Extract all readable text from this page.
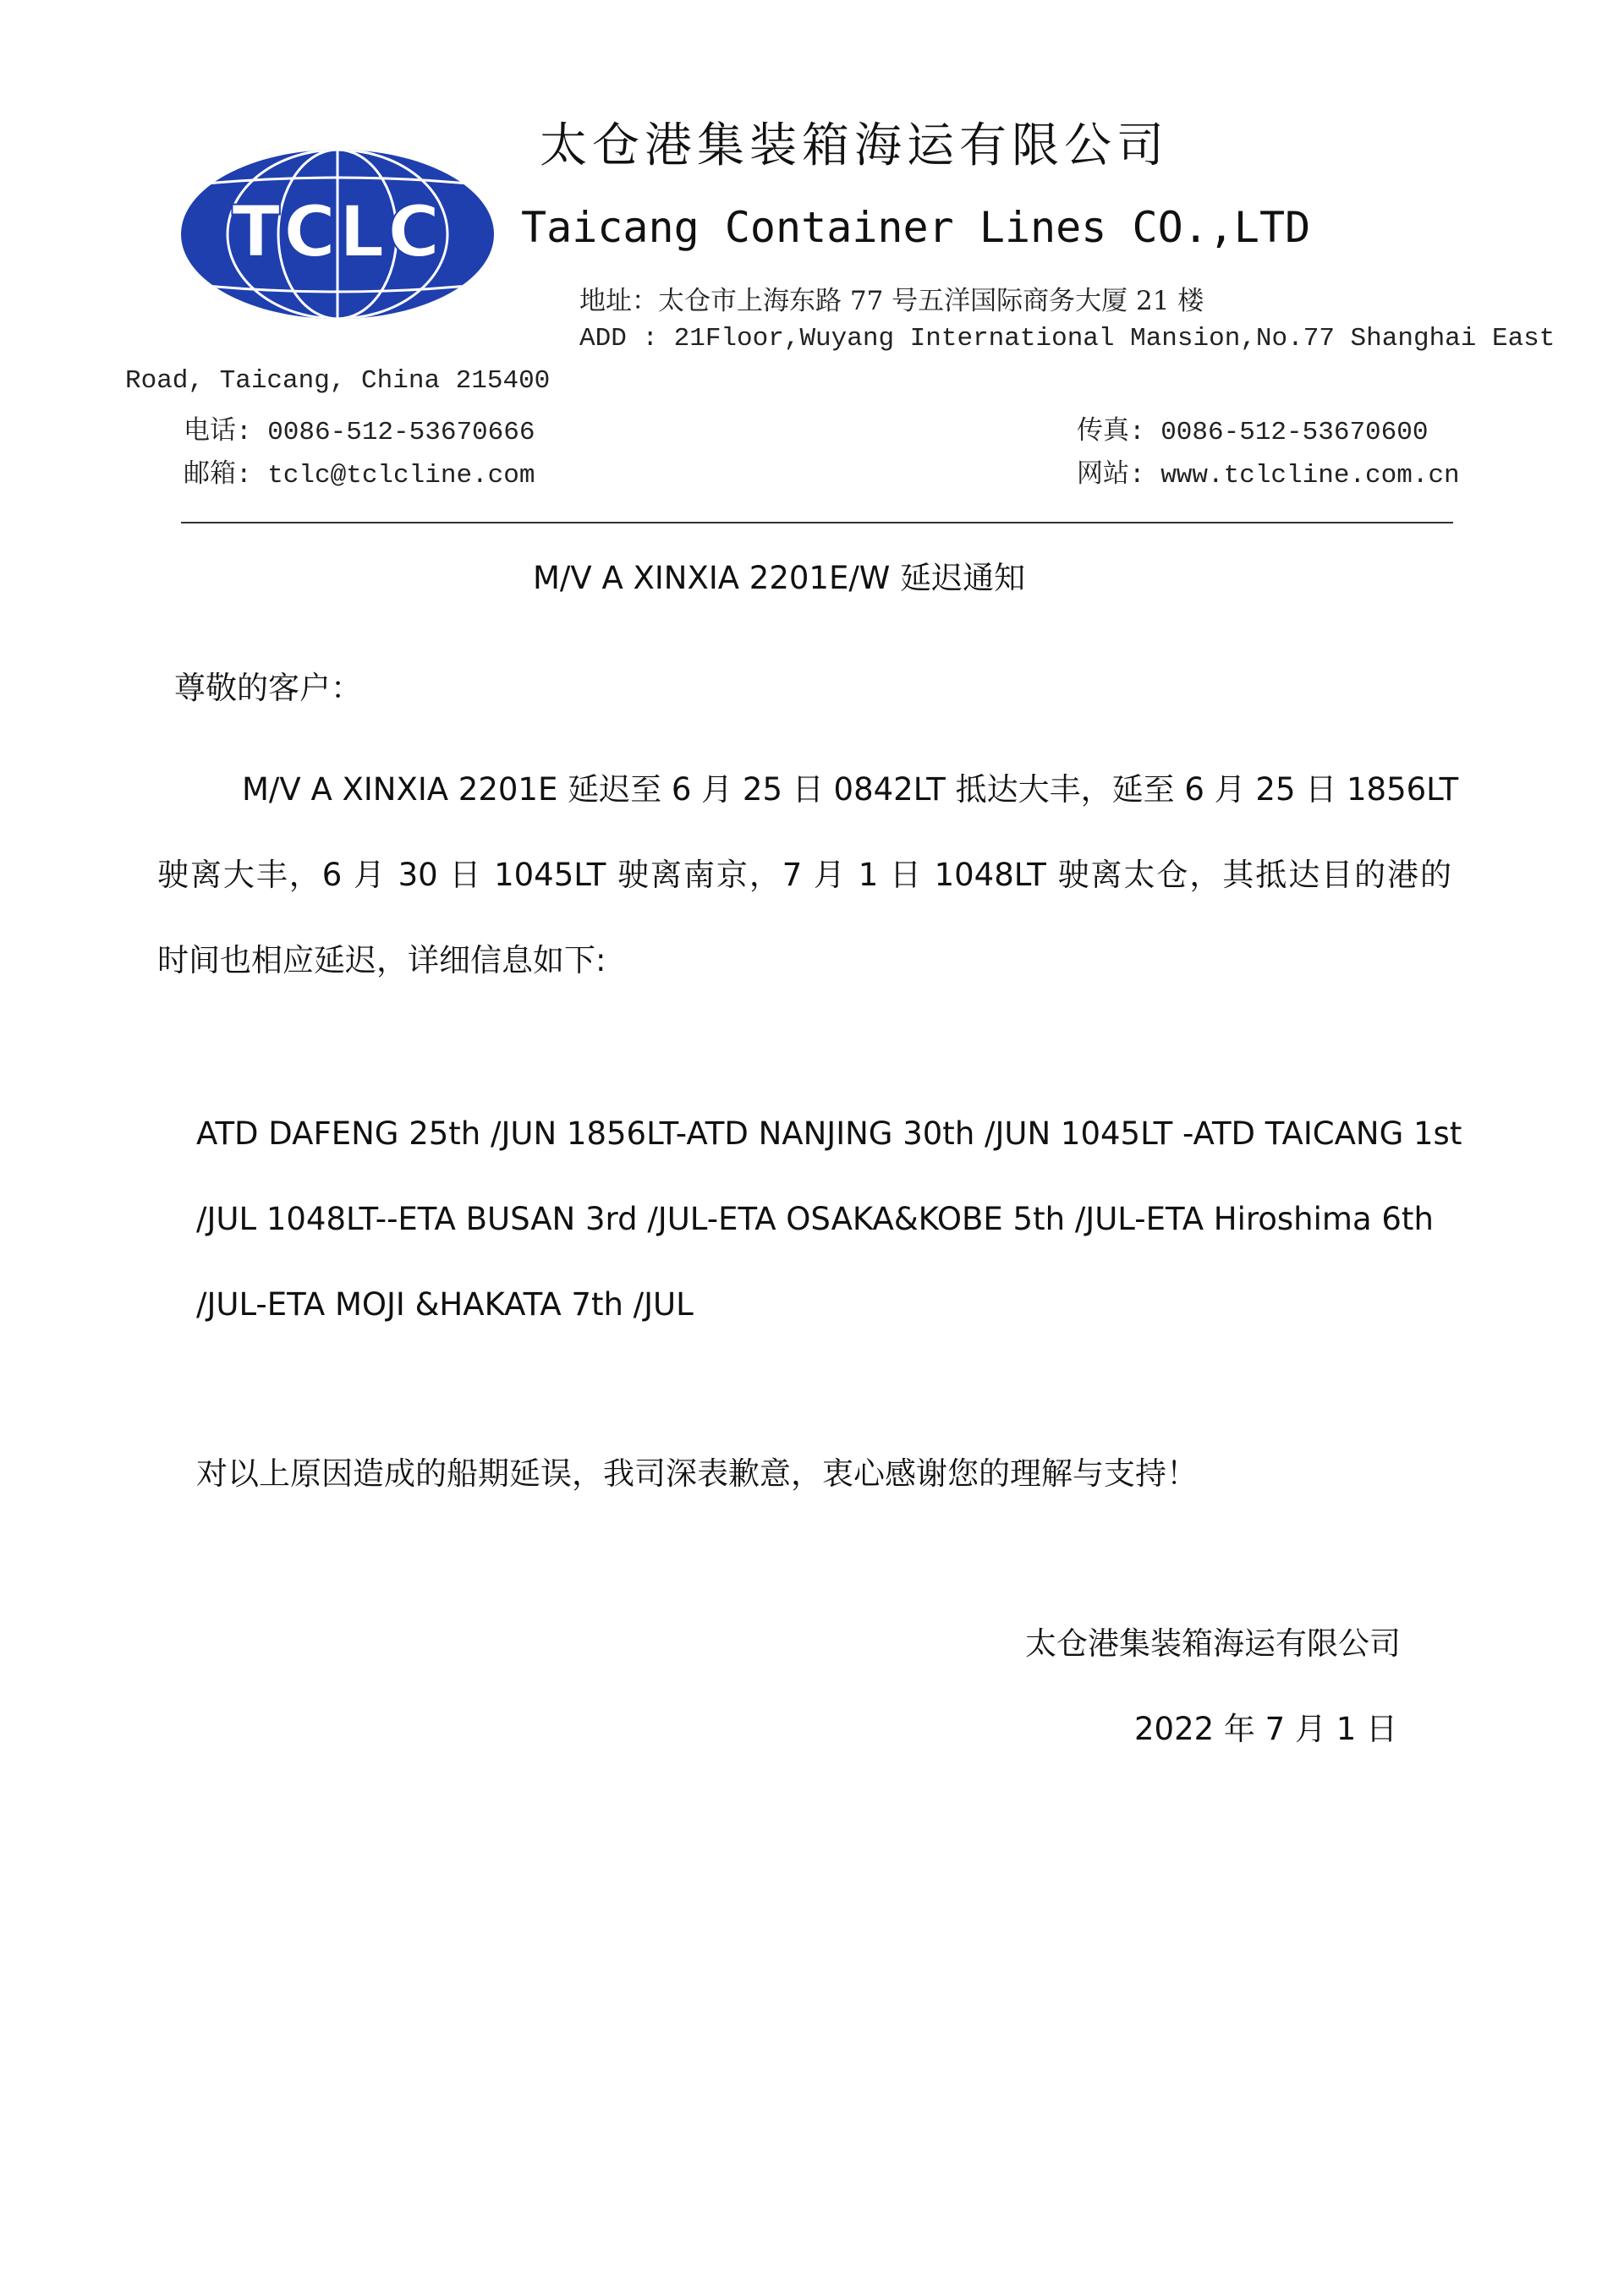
TCLC
太仓港集装箱海运有限公司
Taicang Container Lines CO.,LTD
地址：太仓市上海东路 77 号五洋国际商务大厦 21 楼
ADD : 21Floor,Wuyang International Mansion,No.77 Shanghai East
Road, Taicang, China 215400
电话: 0086-512-53670666	传真: 0086-512-53670600
邮箱: tclc@tclcline.com	网站: www.tclcline.com.cn
M/V A XINXIA 2201E/W 延迟通知
尊敬的客户：
M/V A XINXIA 2201E 延迟至 6 月 25 日 0842LT 抵达大丰，延至 6 月 25 日 1856LT
驶离大丰，6 月 30 日 1045LT 驶离南京，7 月 1 日 1048LT 驶离太仓，其抵达目的港的
时间也相应延迟，详细信息如下:
ATD DAFENG 25th /JUN 1856LT-ATD NANJING 30th /JUN 1045LT -ATD TAICANG 1st
/JUL 1048LT--ETA BUSAN 3rd /JUL-ETA OSAKA&KOBE 5th /JUL-ETA Hiroshima 6th
/JUL-ETA MOJI &HAKATA 7th /JUL
对以上原因造成的船期延误，我司深表歉意，衷心感谢您的理解与支持！
太仓港集装箱海运有限公司
2022 年 7 月 1 日
